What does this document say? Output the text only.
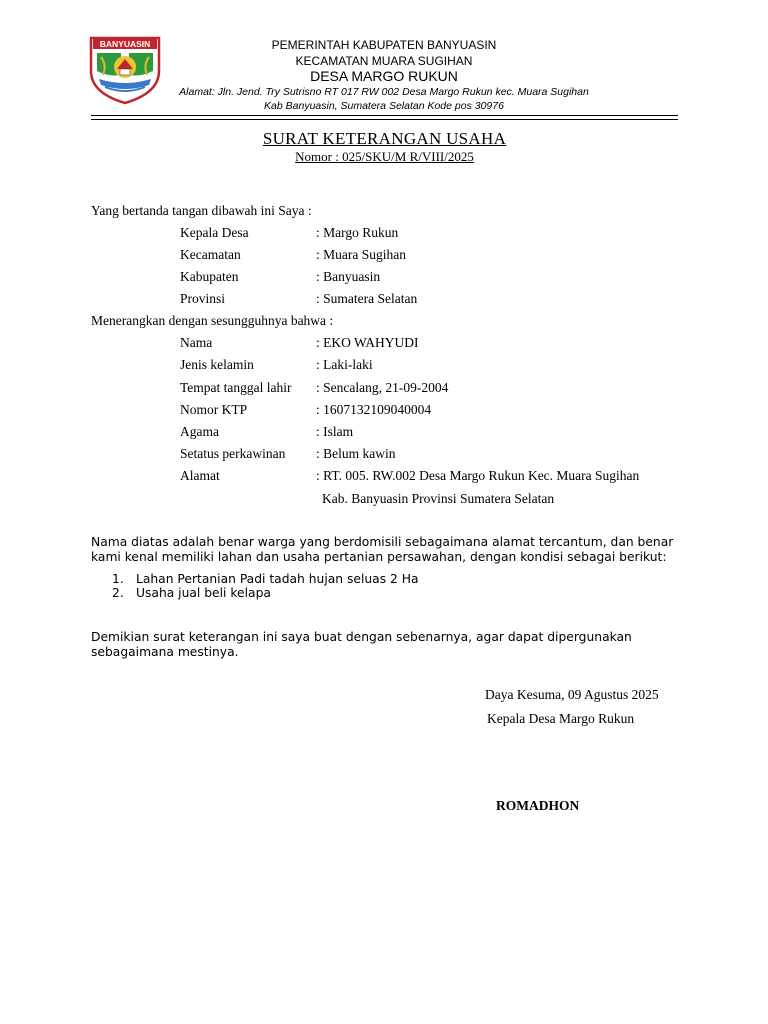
BANYUASIN	PEMERINTAH KABUPATEN BANYUASIN
KECAMATAN MUARA SUGIHAN
DESA MARGO RUKUN
Alamat: Jln. Jend. Try Sutrisno RT 017 RW 002 Desa Margo Rukun kec. Muara Sugihan
Kab Banyuasin, Sumatera Selatan Kode pos 30976
SURAT KETERANGAN USAHA
Nomor : 025/SKU/M R/VIII/2025
Yang bertanda tangan dibawah ini Saya :
Kepala Desa	: Margo Rukun
Kecamatan	: Muara Sugihan
Kabupaten	: Banyuasin
Provinsi	: Sumatera Selatan
Menerangkan dengan sesungguhnya bahwa :
Nama	: EKO WAHYUDI
Jenis kelamin	: Laki-laki
Tempat tanggal lahir : Sencalang, 21-09-2004
Nomor KTP	: 1607132109040004
Agama	: Islam
Setatus perkawinan : Belum kawin
Alamat	: RT. 005. RW.002 Desa Margo Rukun Kec. Muara Sugihan
Kab. Banyuasin Provinsi Sumatera Selatan
Nama diatas adalah benar warga yang berdomisili sebagaimana alamat tercantum, dan benar
kami kenal memiliki lahan dan usaha pertanian persawahan, dengan kondisi sebagai berikut:
1. Lahan Pertanian Padi tadah hujan seluas 2 Ha
2. Usaha jual beli kelapa
Demikian surat keterangan ini saya buat dengan sebenarnya, agar dapat dipergunakan
sebagaimana mestinya.
Daya Kesuma, 09 Agustus 2025
Kepala Desa Margo Rukun
ROMADHON
